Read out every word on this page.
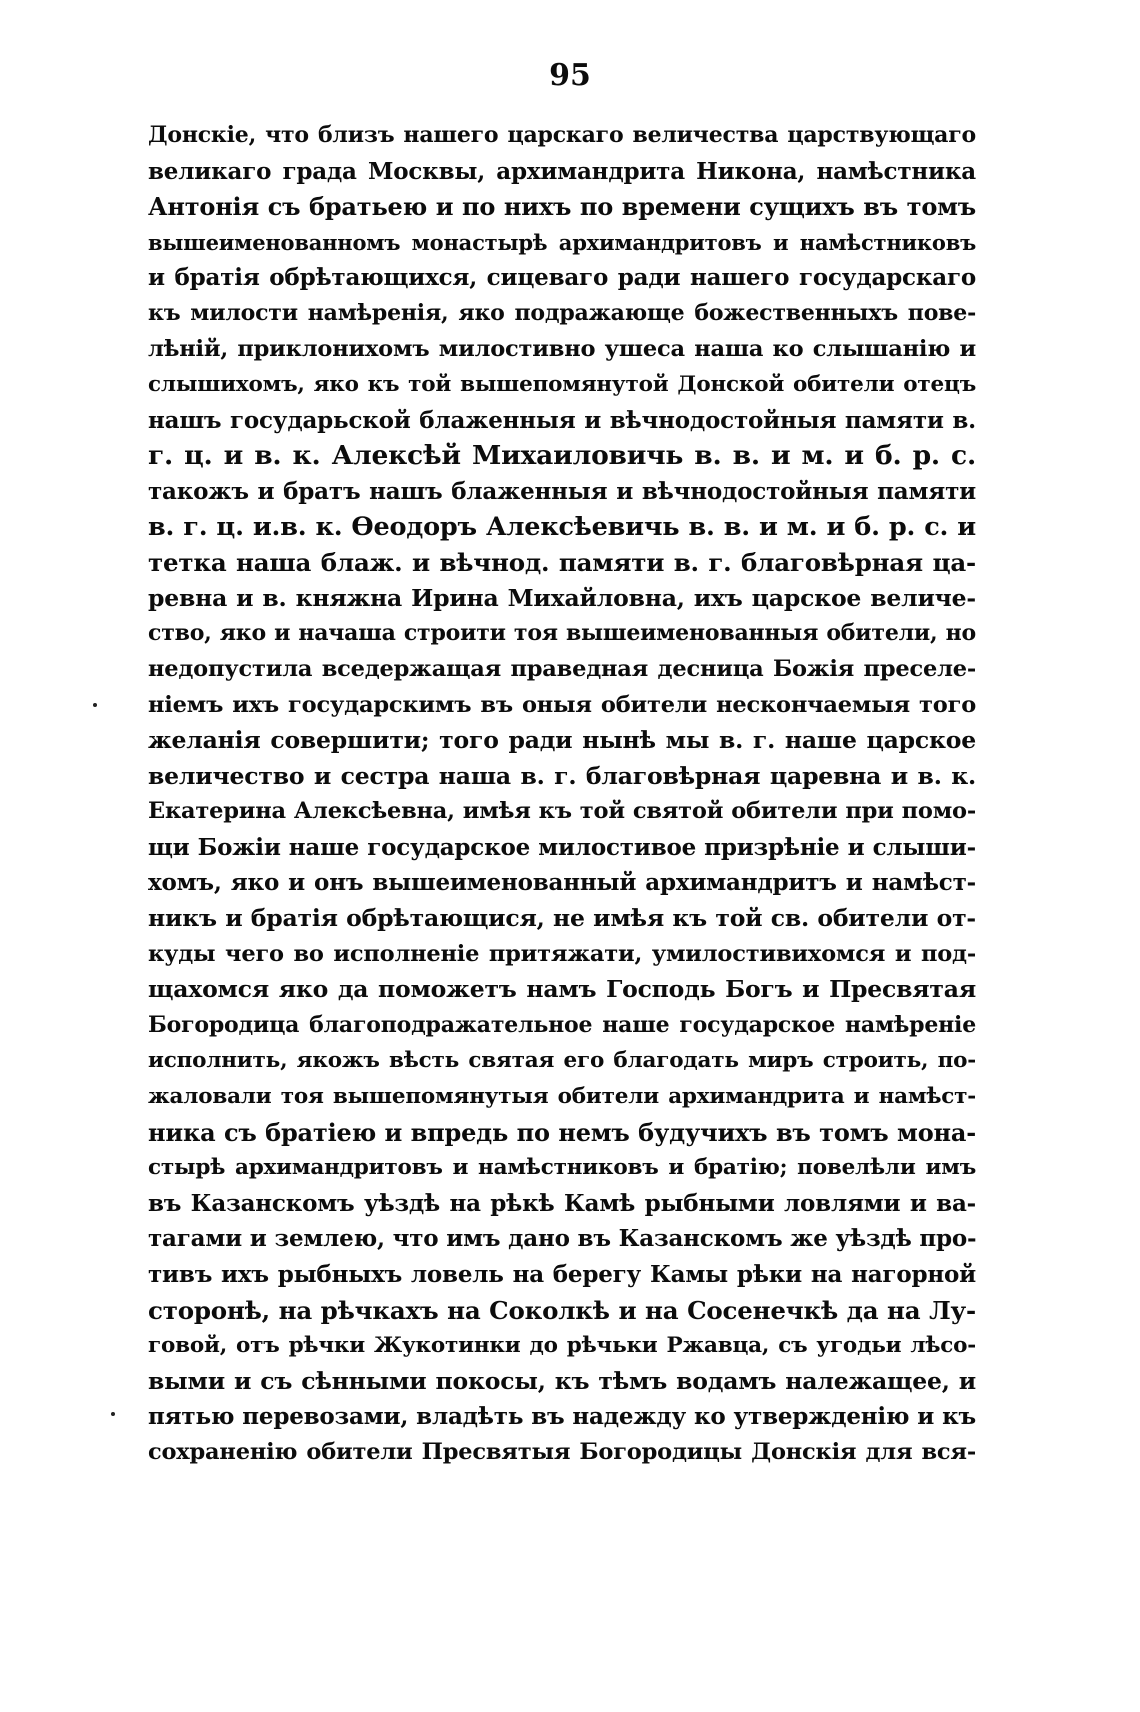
95
Донскіе, что близъ нашего царскаго величества царствующаго
великаго града Москвы, архимандрита Никона, намѣстника
Антонія съ братьею и по нихъ по времени сущихъ въ томъ
вышеименованномъ монастырѣ архимандритовъ и намѣстниковъ
и братія обрѣтающихся, сицеваго ради нашего государскаго
къ милости намѣренія, яко подражающе божественныхъ пове-
лѣній, приклонихомъ милостивно ушеса наша ко слышанію и
слышихомъ, яко къ той вышепомянутой Донской обители отецъ
нашъ государьской блаженныя и вѣчнодостойныя памяти в.
г. ц. и в. к. Алексѣй Михаиловичь в. в. и м. и б. р. с.
такожъ и братъ нашъ блаженныя и вѣчнодостойныя памяти
в. г. ц. и.в. к. Ѳеодоръ Алексѣевичь в. в. и м. и б. р. с. и
тетка наша блаж. и вѣчнод. памяти в. г. благовѣрная ца-
ревна и в. княжна Ирина Михайловна, ихъ царское величе-
ство, яко и начаша строити тоя вышеименованныя обители, но
недопустила вседержащая праведная десница Божія преселе-
ніемъ ихъ государскимъ въ оныя обители нескончаемыя того
желанія совершити; того ради нынѣ мы в. г. наше царское
величество и сестра наша в. г. благовѣрная царевна и в. к.
Екатерина Алексѣевна, имѣя къ той святой обители при помо-
щи Божіи наше государское милостивое призрѣніе и слыши-
хомъ, яко и онъ вышеименованный архимандритъ и намѣст-
никъ и братія обрѣтающися, не имѣя къ той св. обители от-
куды чего во исполненіе притяжати, умилостивихомся и под-
щахомся яко да поможетъ намъ Господь Богъ и Пресвятая
Богородица благоподражательное наше государское намѣреніе
исполнить, якожъ вѣсть святая его благодать миръ строить, по-
жаловали тоя вышепомянутыя обители архимандрита и намѣст-
ника съ братіею и впредь по немъ будучихъ въ томъ мона-
стырѣ архимандритовъ и намѣстниковъ и братію; повелѣли имъ
въ Казанскомъ уѣздѣ на рѣкѣ Камѣ рыбными ловлями и ва-
тагами и землею, что имъ дано въ Казанскомъ же уѣздѣ про-
тивъ ихъ рыбныхъ ловель на берегу Камы рѣки на нагорной
сторонѣ, на рѣчкахъ на Соколкѣ и на Сосенечкѣ да на Лу-
говой, отъ рѣчки Жукотинки до рѣчьки Ржавца, съ угодьи лѣсо-
выми и съ сѣнными покосы, къ тѣмъ водамъ належащее, и
пятью перевозами, владѣть въ надежду ко утвержденію и къ
сохраненію обители Пресвятыя Богородицы Донскія для вся-
